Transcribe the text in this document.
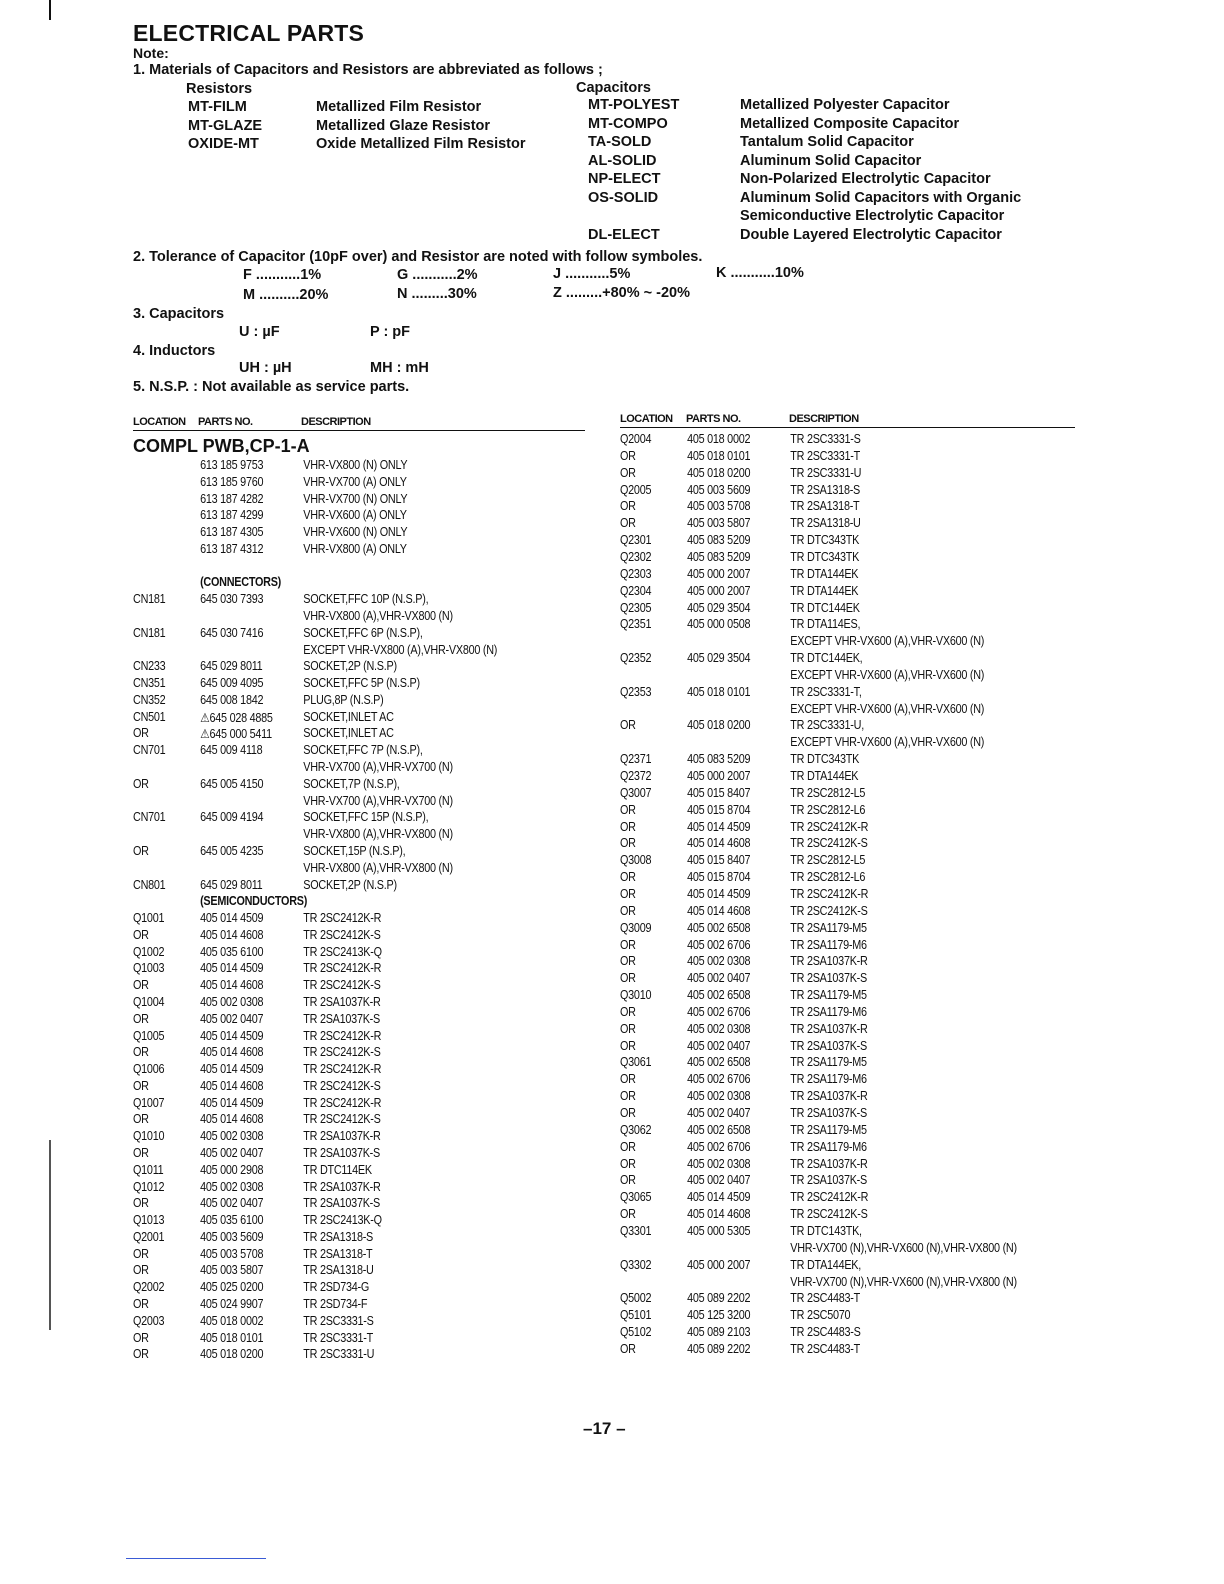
ELECTRICAL PARTS
Note:
1. Materials of Capacitors and Resistors are abbreviated as follows ;
Resistors	Capacitors
MT-FILM	Metallized Film Resistor
MT-GLAZE	Metallized Glaze Resistor
OXIDE-MT	Oxide Metallized Film Resistor
MT-POLYEST	Metallized Polyester Capacitor
MT-COMPO	Metallized Composite Capacitor
TA-SOLD	Tantalum Solid Capacitor
AL-SOLID	Aluminum Solid Capacitor
NP-ELECT	Non-Polarized Electrolytic Capacitor
OS-SOLID	Aluminum Solid Capacitors with Organic
Semiconductive Electrolytic Capacitor
DL-ELECT	Double Layered Electrolytic Capacitor
2. Tolerance of Capacitor (10pF over) and Resistor are noted with follow symboles.
F ...........1%	G ...........2%	J ...........5%	K ...........10%
M ..........20%	N .........30%	Z .........+80% ~ -20%
3. Capacitors
U : µF	P : pF
4. Inductors
UH : µH	MH : mH
5. N.S.P. : Not available as service parts.
LOCATION PARTS NO.	DESCRIPTION	LOCATION PARTS NO.	DESCRIPTION
COMPL PWB,CP-1-A
613 185 9753	VHR-VX800 (N) ONLY
613 185 9760	VHR-VX700 (A) ONLY
613 187 4282	VHR-VX700 (N) ONLY
613 187 4299	VHR-VX600 (A) ONLY
613 187 4305	VHR-VX600 (N) ONLY
613 187 4312	VHR-VX800 (A) ONLY
(CONNECTORS)
CN181	645 030 7393	SOCKET,FFC 10P (N.S.P),
VHR-VX800 (A),VHR-VX800 (N)
CN181	645 030 7416	SOCKET,FFC 6P (N.S.P),
EXCEPT VHR-VX800 (A),VHR-VX800 (N)
CN233	645 029 8011	SOCKET,2P (N.S.P)
CN351	645 009 4095	SOCKET,FFC 5P (N.S.P)
CN352	645 008 1842	PLUG,8P (N.S.P)
CN501	⚠645 028 4885 SOCKET,INLET AC
OR	⚠645 000 5411 SOCKET,INLET AC
CN701	645 009 4118	SOCKET,FFC 7P (N.S.P),
VHR-VX700 (A),VHR-VX700 (N)
OR	645 005 4150	SOCKET,7P (N.S.P),
VHR-VX700 (A),VHR-VX700 (N)
CN701	645 009 4194	SOCKET,FFC 15P (N.S.P),
VHR-VX800 (A),VHR-VX800 (N)
OR	645 005 4235	SOCKET,15P (N.S.P),
VHR-VX800 (A),VHR-VX800 (N)
CN801	645 029 8011	SOCKET,2P (N.S.P)
(SEMICONDUCTORS)
Q1001	405 014 4509	TR 2SC2412K-R
OR	405 014 4608	TR 2SC2412K-S
Q1002	405 035 6100	TR 2SC2413K-Q
Q1003	405 014 4509	TR 2SC2412K-R
OR	405 014 4608	TR 2SC2412K-S
Q1004	405 002 0308	TR 2SA1037K-R
OR	405 002 0407	TR 2SA1037K-S
Q1005	405 014 4509	TR 2SC2412K-R
OR	405 014 4608	TR 2SC2412K-S
Q1006	405 014 4509	TR 2SC2412K-R
OR	405 014 4608	TR 2SC2412K-S
Q1007	405 014 4509	TR 2SC2412K-R
OR	405 014 4608	TR 2SC2412K-S
Q1010	405 002 0308	TR 2SA1037K-R
OR	405 002 0407	TR 2SA1037K-S
Q1011	405 000 2908	TR DTC114EK
Q1012	405 002 0308	TR 2SA1037K-R
OR	405 002 0407	TR 2SA1037K-S
Q1013	405 035 6100	TR 2SC2413K-Q
Q2001	405 003 5609	TR 2SA1318-S
OR	405 003 5708	TR 2SA1318-T
OR	405 003 5807	TR 2SA1318-U
Q2002	405 025 0200	TR 2SD734-G
OR	405 024 9907	TR 2SD734-F
Q2003	405 018 0002	TR 2SC3331-S
OR	405 018 0101	TR 2SC3331-T
OR	405 018 0200	TR 2SC3331-U
Q2004	405 018 0002	TR 2SC3331-S
OR	405 018 0101	TR 2SC3331-T
OR	405 018 0200	TR 2SC3331-U
Q2005	405 003 5609	TR 2SA1318-S
OR	405 003 5708	TR 2SA1318-T
OR	405 003 5807	TR 2SA1318-U
Q2301	405 083 5209	TR DTC343TK
Q2302	405 083 5209	TR DTC343TK
Q2303	405 000 2007	TR DTA144EK
Q2304	405 000 2007	TR DTA144EK
Q2305	405 029 3504	TR DTC144EK
Q2351	405 000 0508	TR DTA114ES,
EXCEPT VHR-VX600 (A),VHR-VX600 (N)
Q2352	405 029 3504	TR DTC144EK,
EXCEPT VHR-VX600 (A),VHR-VX600 (N)
Q2353	405 018 0101	TR 2SC3331-T,
EXCEPT VHR-VX600 (A),VHR-VX600 (N)
OR	405 018 0200	TR 2SC3331-U,
EXCEPT VHR-VX600 (A),VHR-VX600 (N)
Q2371	405 083 5209	TR DTC343TK
Q2372	405 000 2007	TR DTA144EK
Q3007	405 015 8407	TR 2SC2812-L5
OR	405 015 8704	TR 2SC2812-L6
OR	405 014 4509	TR 2SC2412K-R
OR	405 014 4608	TR 2SC2412K-S
Q3008	405 015 8407	TR 2SC2812-L5
OR	405 015 8704	TR 2SC2812-L6
OR	405 014 4509	TR 2SC2412K-R
OR	405 014 4608	TR 2SC2412K-S
Q3009	405 002 6508	TR 2SA1179-M5
OR	405 002 6706	TR 2SA1179-M6
OR	405 002 0308	TR 2SA1037K-R
OR	405 002 0407	TR 2SA1037K-S
Q3010	405 002 6508	TR 2SA1179-M5
OR	405 002 6706	TR 2SA1179-M6
OR	405 002 0308	TR 2SA1037K-R
OR	405 002 0407	TR 2SA1037K-S
Q3061	405 002 6508	TR 2SA1179-M5
OR	405 002 6706	TR 2SA1179-M6
OR	405 002 0308	TR 2SA1037K-R
OR	405 002 0407	TR 2SA1037K-S
Q3062	405 002 6508	TR 2SA1179-M5
OR	405 002 6706	TR 2SA1179-M6
OR	405 002 0308	TR 2SA1037K-R
OR	405 002 0407	TR 2SA1037K-S
Q3065	405 014 4509	TR 2SC2412K-R
OR	405 014 4608	TR 2SC2412K-S
Q3301	405 000 5305	TR DTC143TK,
VHR-VX700 (N),VHR-VX600 (N),VHR-VX800 (N)
Q3302	405 000 2007	TR DTA144EK,
VHR-VX700 (N),VHR-VX600 (N),VHR-VX800 (N)
Q5002	405 089 2202	TR 2SC4483-T
Q5101	405 125 3200	TR 2SC5070
Q5102	405 089 2103	TR 2SC4483-S
OR	405 089 2202	TR 2SC4483-T
–17 –
